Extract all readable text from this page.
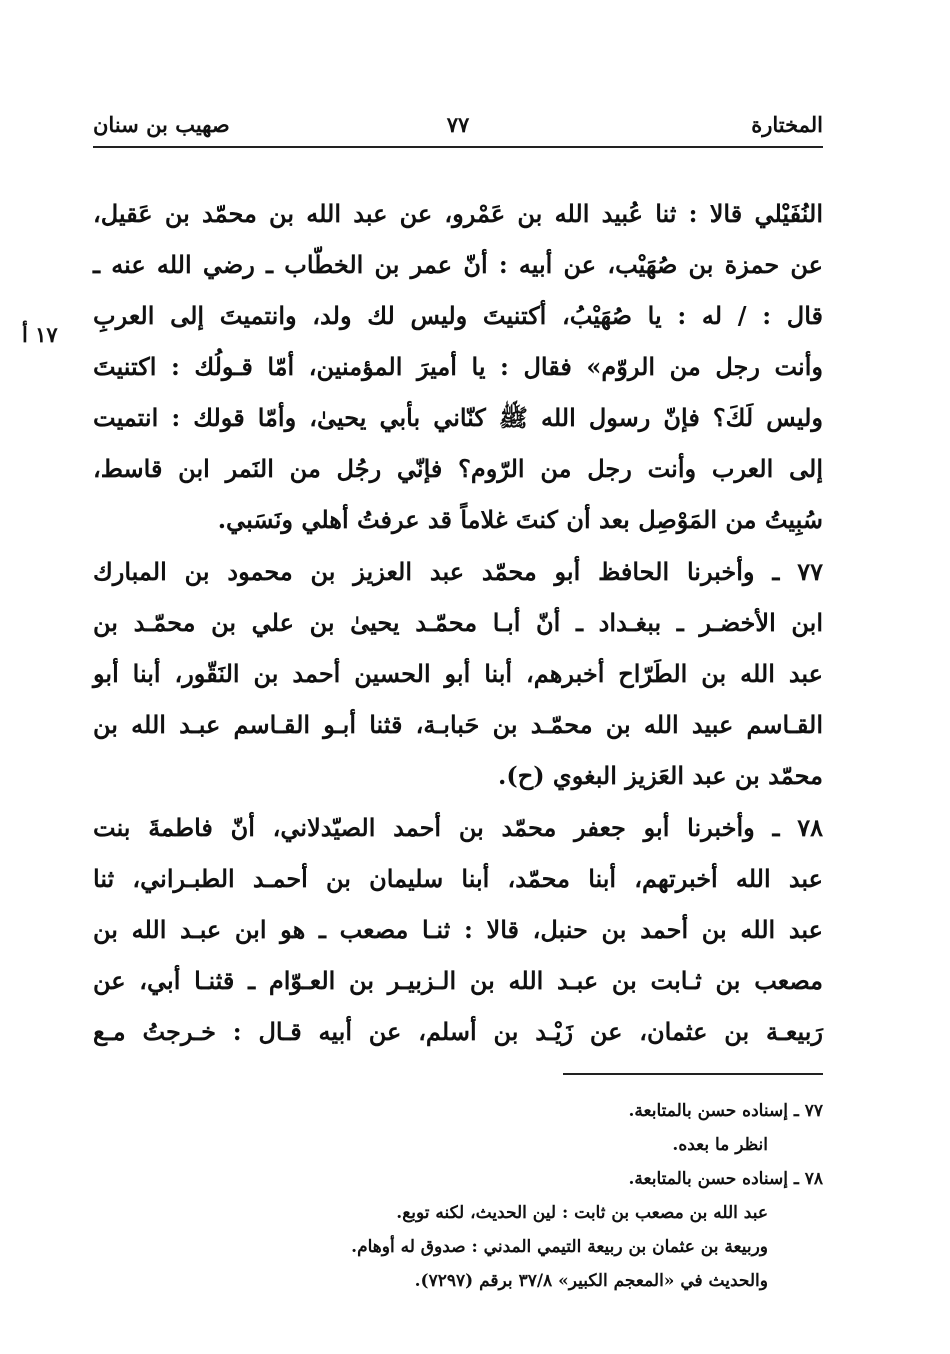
المختارة
٧٧
صهيب بن سنان
١٧ أ
النُفَيْلي قالا : ثنا عُبيد الله بن عَمْرو، عن عبد الله بن محمّد بن عَقيل،
عن حمزة بن صُهَيْب، عن أبيه : أنّ عمر بن الخطّاب ـ رضي الله عنه ـ
قال : / له : يا صُهَيْبُ، أكتنيتَ وليس لك ولد، وانتميتَ إلى العربِ
وأنت رجل من الروّم» فقال : يا أميرَ المؤمنين، أمّا قـولُك : اكتنيتَ
وليس لَكَ؟ فإنّ رسول الله ﷺ كنّاني بأبي يحيىٰ، وأمّا قولك : انتميت
إلى العرب وأنت رجل من الرّوم؟ فإنّي رجُل من النَمر ابن قاسط،
سُبِيتُ من المَوْصِل بعد أن كنتَ غلاماً قد عرفتُ أهلي ونَسَبي.
٧٧ ـ وأخبرنا الحافظ أبو محمّد عبد العزيز بن محمود بن المبارك
ابن الأخضـر ـ ببغـداد ـ أنّ أبـا محمّـد يحيىٰ بن علي بن محمّـد بن
عبد الله بن الطَرّاح أخبرهم، أبنا أبو الحسين أحمد بن النَقّور، أبنا أبو
القـاسم عبيد الله بن محمّـد بن حَبابـة، قثنا أبـو القـاسم عبـد الله بن
محمّد بن عبد العَزيز البغوي (ح).
٧٨ ـ وأخبرنا أبو جعفر محمّد بن أحمد الصيّدلاني، أنّ فاطمةَ بنت
عبد الله أخبرتهم، أبنا محمّد، أبنا سليمان بن أحمـد الطبـراني، ثنا
عبد الله بن أحمد بن حنبل، قالا : ثنـا مصعب ـ هو ابن عبـد الله بن
مصعب بن ثـابت بن عبـد الله بن الـزبيـر بن العـوّام ـ قثنـا أبي، عن
رَبيعـة بن عثمان، عن زَيْـد بن أسلم، عن أبيه قـال : خـرجتُ مـع
٧٧ ـ إسناده حسن بالمتابعة.
انظر ما بعده.
٧٨ ـ إسناده حسن بالمتابعة.
عبد الله بن مصعب بن ثابت : لين الحديث، لكنه توبع.
وربيعة بن عثمان بن ربيعة التيمي المدني : صدوق له أوهام.
والحديث في «المعجم الكبير» ٣٧/٨ برقم (٧٢٩٧).
